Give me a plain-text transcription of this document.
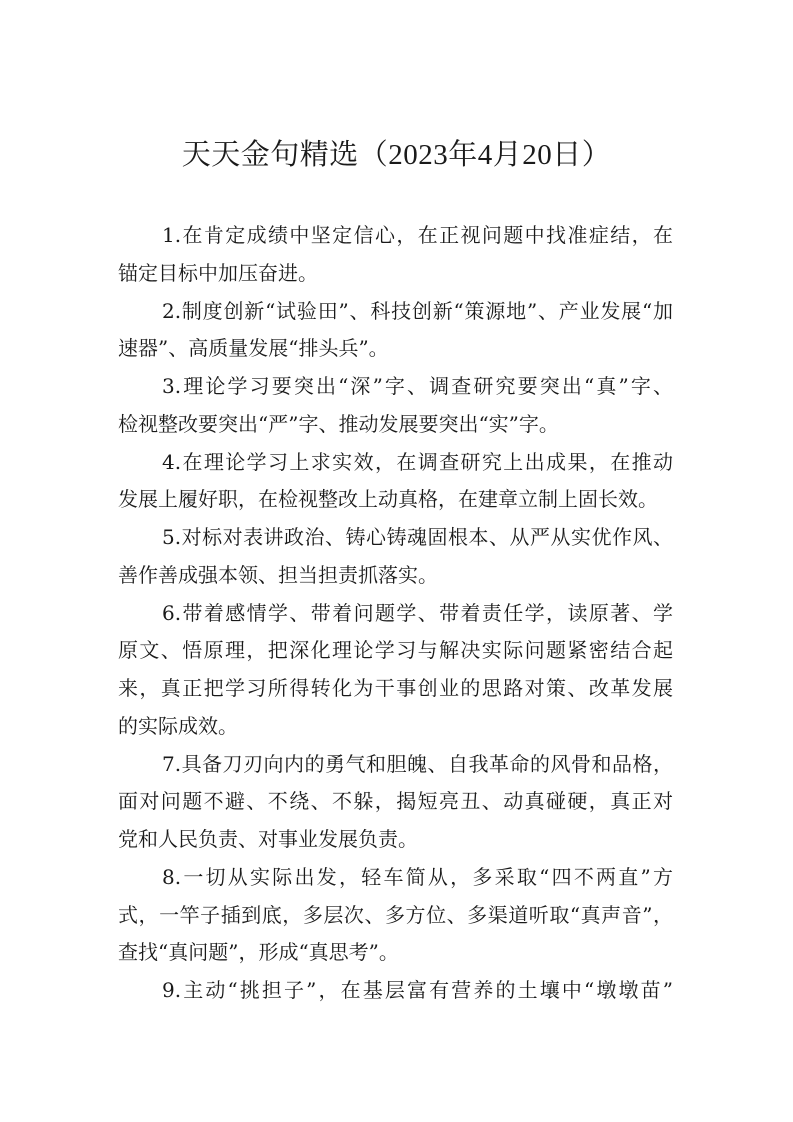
天天金句精选（2023年4月20日）
1.在肯定成绩中坚定信心，在正视问题中找准症结，在
锚定目标中加压奋进。
2.制度创新“试验田”、科技创新“策源地”、产业发展“加
速器”、高质量发展“排头兵”。
3.理论学习要突出“深”字、调查研究要突出“真”字、
检视整改要突出“严”字、推动发展要突出“实”字。
4.在理论学习上求实效，在调查研究上出成果，在推动
发展上履好职，在检视整改上动真格，在建章立制上固长效。
5.对标对表讲政治、铸心铸魂固根本、从严从实优作风、
善作善成强本领、担当担责抓落实。
6.带着感情学、带着问题学、带着责任学，读原著、学
原文、悟原理，把深化理论学习与解决实际问题紧密结合起
来，真正把学习所得转化为干事创业的思路对策、改革发展
的实际成效。
7.具备刀刃向内的勇气和胆魄、自我革命的风骨和品格，
面对问题不避、不绕、不躲，揭短亮丑、动真碰硬，真正对
党和人民负责、对事业发展负责。
8.一切从实际出发，轻车简从，多采取“四不两直”方
式，一竿子插到底，多层次、多方位、多渠道听取“真声音”，
查找“真问题”，形成“真思考”。
9.主动“挑担子”，在基层富有营养的土壤中“墩墩苗”
